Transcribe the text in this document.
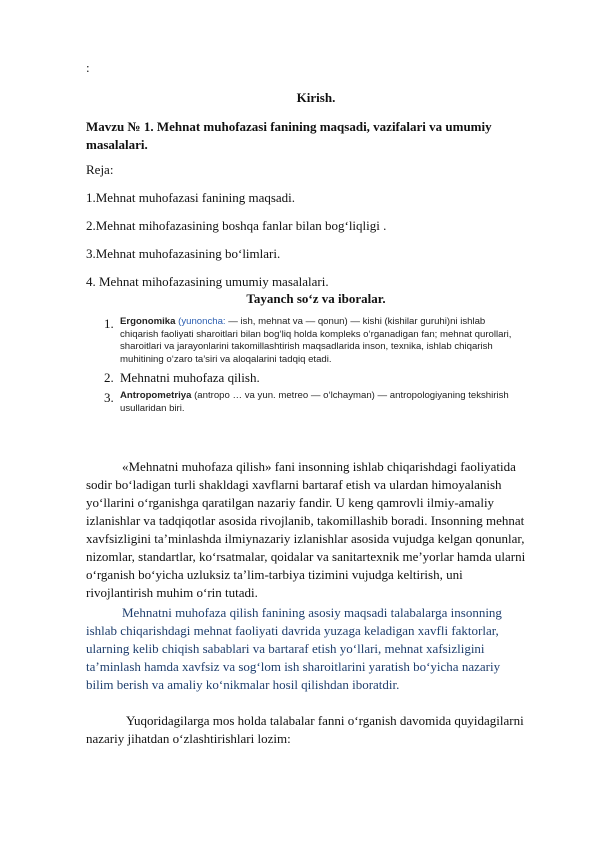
:
Kirish.
Mavzu № 1. Mehnat muhofazasi fanining maqsadi, vazifalari va umumiy masalalari.
Reja:
1.Mehnat muhofazasi fanining maqsadi.
2.Mehnat mihofazasining boshqa fanlar bilan bog‘liqligi .
3.Mehnat muhofazasining bo‘limlari.
4. Mehnat mihofazasining umumiy masalalari.
Tayanch so‘z va iboralar.
1. Ergonomika (yunoncha: — ish, mehnat va — qonun) — kishi (kishilar guruhi)ni ishlab chiqarish faoliyati sharoitlari bilan bog‘liq holda kompleks o‘rganadigan fan; mehnat qurollari, sharoitlari va jarayonlarini takomillashtirish maqsadlarida inson, texnika, ishlab chiqarish muhitining o‘zaro ta’siri va aloqalarini tadqiq etadi.
2. Mehnatni muhofaza qilish.
3. Antropometriya (antropo … va yun. metreo — o‘lchayman) — antropologiyaning tekshirish usullaridan biri.
«Mehnatni muhofaza qilish» fani insonning ishlab chiqarishdagi faoliyatida sodir bo‘ladigan turli shakldagi xavflarni bartaraf etish va ulardan himoyalanish yo‘llarini o‘rganishga qaratilgan nazariy fandir. U keng qamrovli ilmiy-amaliy izlanishlar va tadqiqotlar asosida rivojlanib, takomillashib boradi. Insonning mehnat xavfsizligini ta’minlashda ilmiynazariy izlanishlar asosida vujudga kelgan qonunlar, nizomlar, standartlar, ko‘rsatmalar, qoidalar va sanitartexnik me’yorlar hamda ularni o‘rganish bo‘yicha uzluksiz ta’lim-tarbiya tizimini vujudga keltirish, uni rivojlantirish muhim o‘rin tutadi.
Mehnatni muhofaza qilish fanining asosiy maqsadi talabalarga insonning ishlab chiqarishdagi mehnat faoliyati davrida yuzaga keladigan xavfli faktorlar, ularning kelib chiqish sabablari va bartaraf etish yo‘llari, mehnat xafsizligini ta’minlash hamda xavfsiz va sog‘lom ish sharoitlarini yaratish bo‘yicha nazariy bilim berish va amaliy ko‘nikmalar hosil qilishdan iboratdir.
Yuqoridagilarga mos holda talabalar fanni o‘rganish davomida quyidagilarni nazariy jihatdan o‘zlashtirishlari lozim:
